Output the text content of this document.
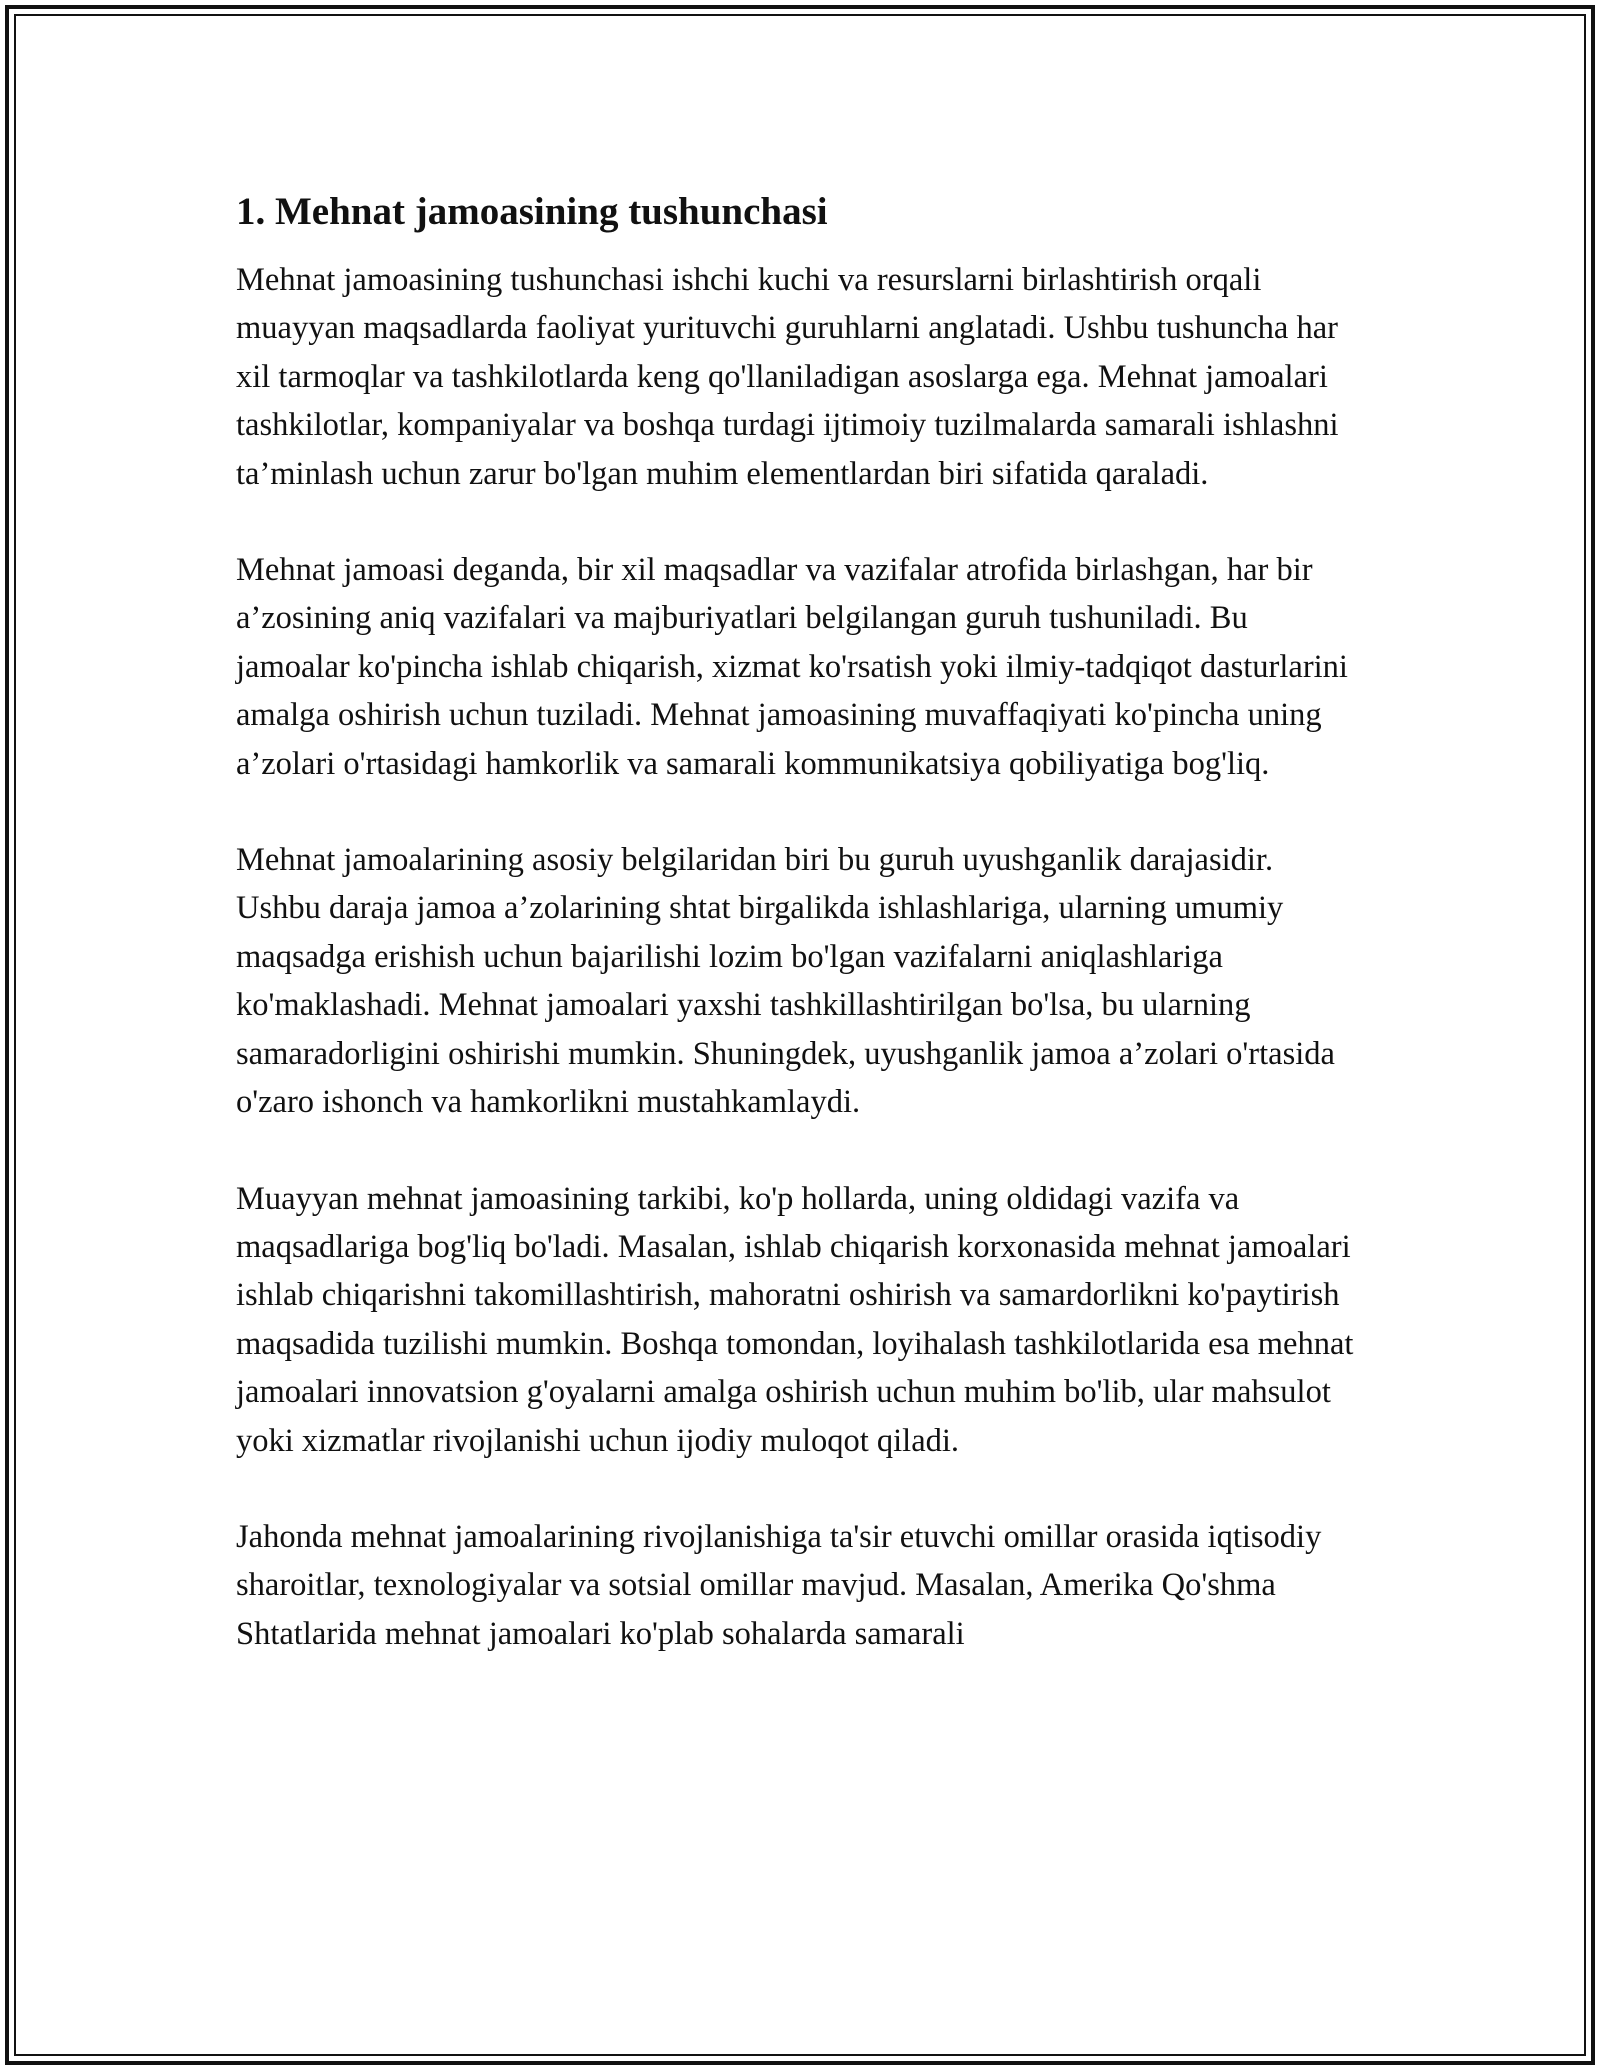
1. Mehnat jamoasining tushunchasi

Mehnat jamoasining tushunchasi ishchi kuchi va resurslarni birlashtirish orqali muayyan maqsadlarda faoliyat yurituvchi guruhlarni anglatadi. Ushbu tushuncha har xil tarmoqlar va tashkilotlarda keng qo'llaniladigan asoslarga ega. Mehnat jamoalari tashkilotlar, kompaniyalar va boshqa turdagi ijtimoiy tuzilmalarda samarali ishlashni ta’minlash uchun zarur bo'lgan muhim elementlardan biri sifatida qaraladi.

Mehnat jamoasi deganda, bir xil maqsadlar va vazifalar atrofida birlashgan, har bir a’zosining aniq vazifalari va majburiyatlari belgilangan guruh tushuniladi. Bu jamoalar ko'pincha ishlab chiqarish, xizmat ko'rsatish yoki ilmiy-tadqiqot dasturlarini amalga oshirish uchun tuziladi. Mehnat jamoasining muvaffaqiyati ko'pincha uning a’zolari o'rtasidagi hamkorlik va samarali kommunikatsiya qobiliyatiga bog'liq.

Mehnat jamoalarining asosiy belgilaridan biri bu guruh uyushganlik darajasidir. Ushbu daraja jamoa a’zolarining shtat birgalikda ishlashlariga, ularning umumiy maqsadga erishish uchun bajarilishi lozim bo'lgan vazifalarni aniqlashlariga ko'maklashadi. Mehnat jamoalari yaxshi tashkillashtirilgan bo'lsa, bu ularning samaradorligini oshirishi mumkin. Shuningdek, uyushganlik jamoa a’zolari o'rtasida o'zaro ishonch va hamkorlikni mustahkamlaydi.

Muayyan mehnat jamoasining tarkibi, ko'p hollarda, uning oldidagi vazifa va maqsadlariga bog'liq bo'ladi. Masalan, ishlab chiqarish korxonasida mehnat jamoalari ishlab chiqarishni takomillashtirish, mahoratni oshirish va samardorlikni ko'paytirish maqsadida tuzilishi mumkin. Boshqa tomondan, loyihalash tashkilotlarida esa mehnat jamoalari innovatsion g'oyalarni amalga oshirish uchun muhim bo'lib, ular mahsulot yoki xizmatlar rivojlanishi uchun ijodiy muloqot qiladi.

Jahonda mehnat jamoalarining rivojlanishiga ta'sir etuvchi omillar orasida iqtisodiy sharoitlar, texnologiyalar va sotsial omillar mavjud. Masalan, Amerika Qo'shma Shtatlarida mehnat jamoalari ko'plab sohalarda samarali
